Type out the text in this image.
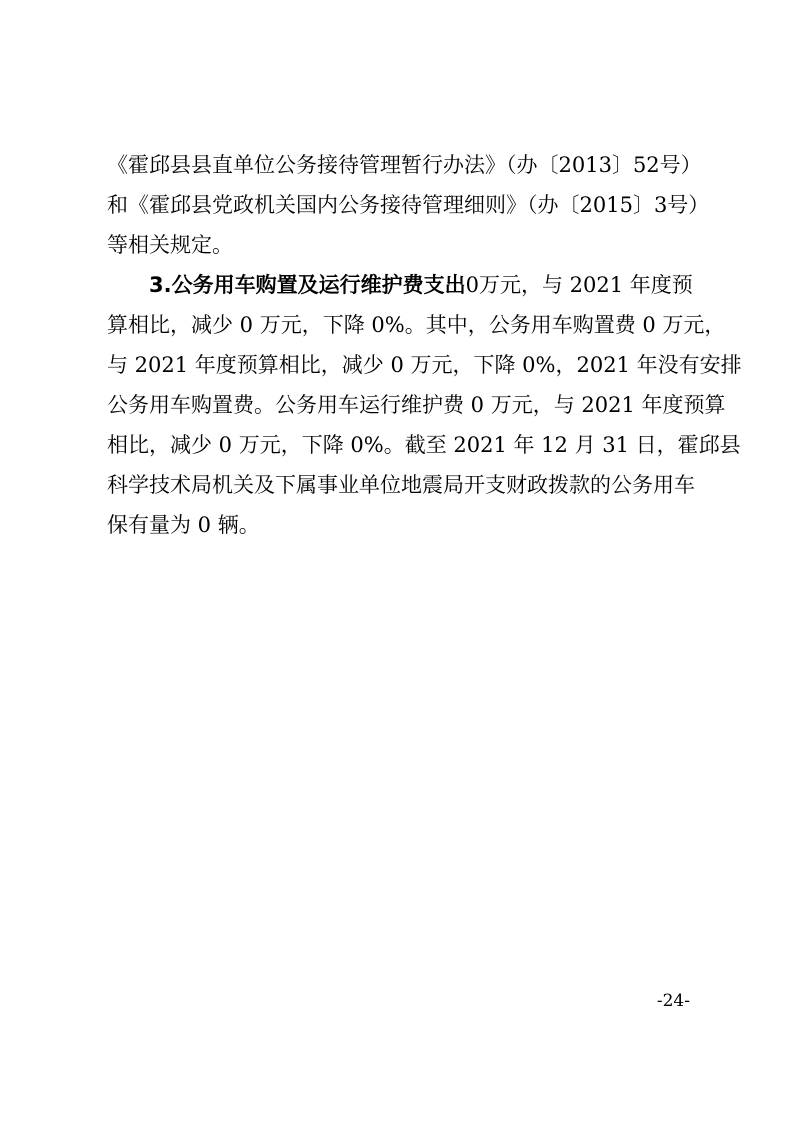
《霍邱县县直单位公务接待管理暂行办法》（办〔2013〕52号）
和《霍邱县党政机关国内公务接待管理细则》（办〔2015〕3号）
等相关规定。
3.公务用车购置及运行维护费支出0万元，与 2021 年度预
算相比，减少 0 万元，下降 0%。其中，公务用车购置费 0 万元，
与 2021 年度预算相比，减少 0 万元，下降 0%，2021 年没有安排
公务用车购置费。公务用车运行维护费 0 万元，与 2021 年度预算
相比，减少 0 万元，下降 0%。截至 2021 年 12 月 31 日，霍邱县
科学技术局机关及下属事业单位地震局开支财政拨款的公务用车
保有量为 0 辆。
-24-
